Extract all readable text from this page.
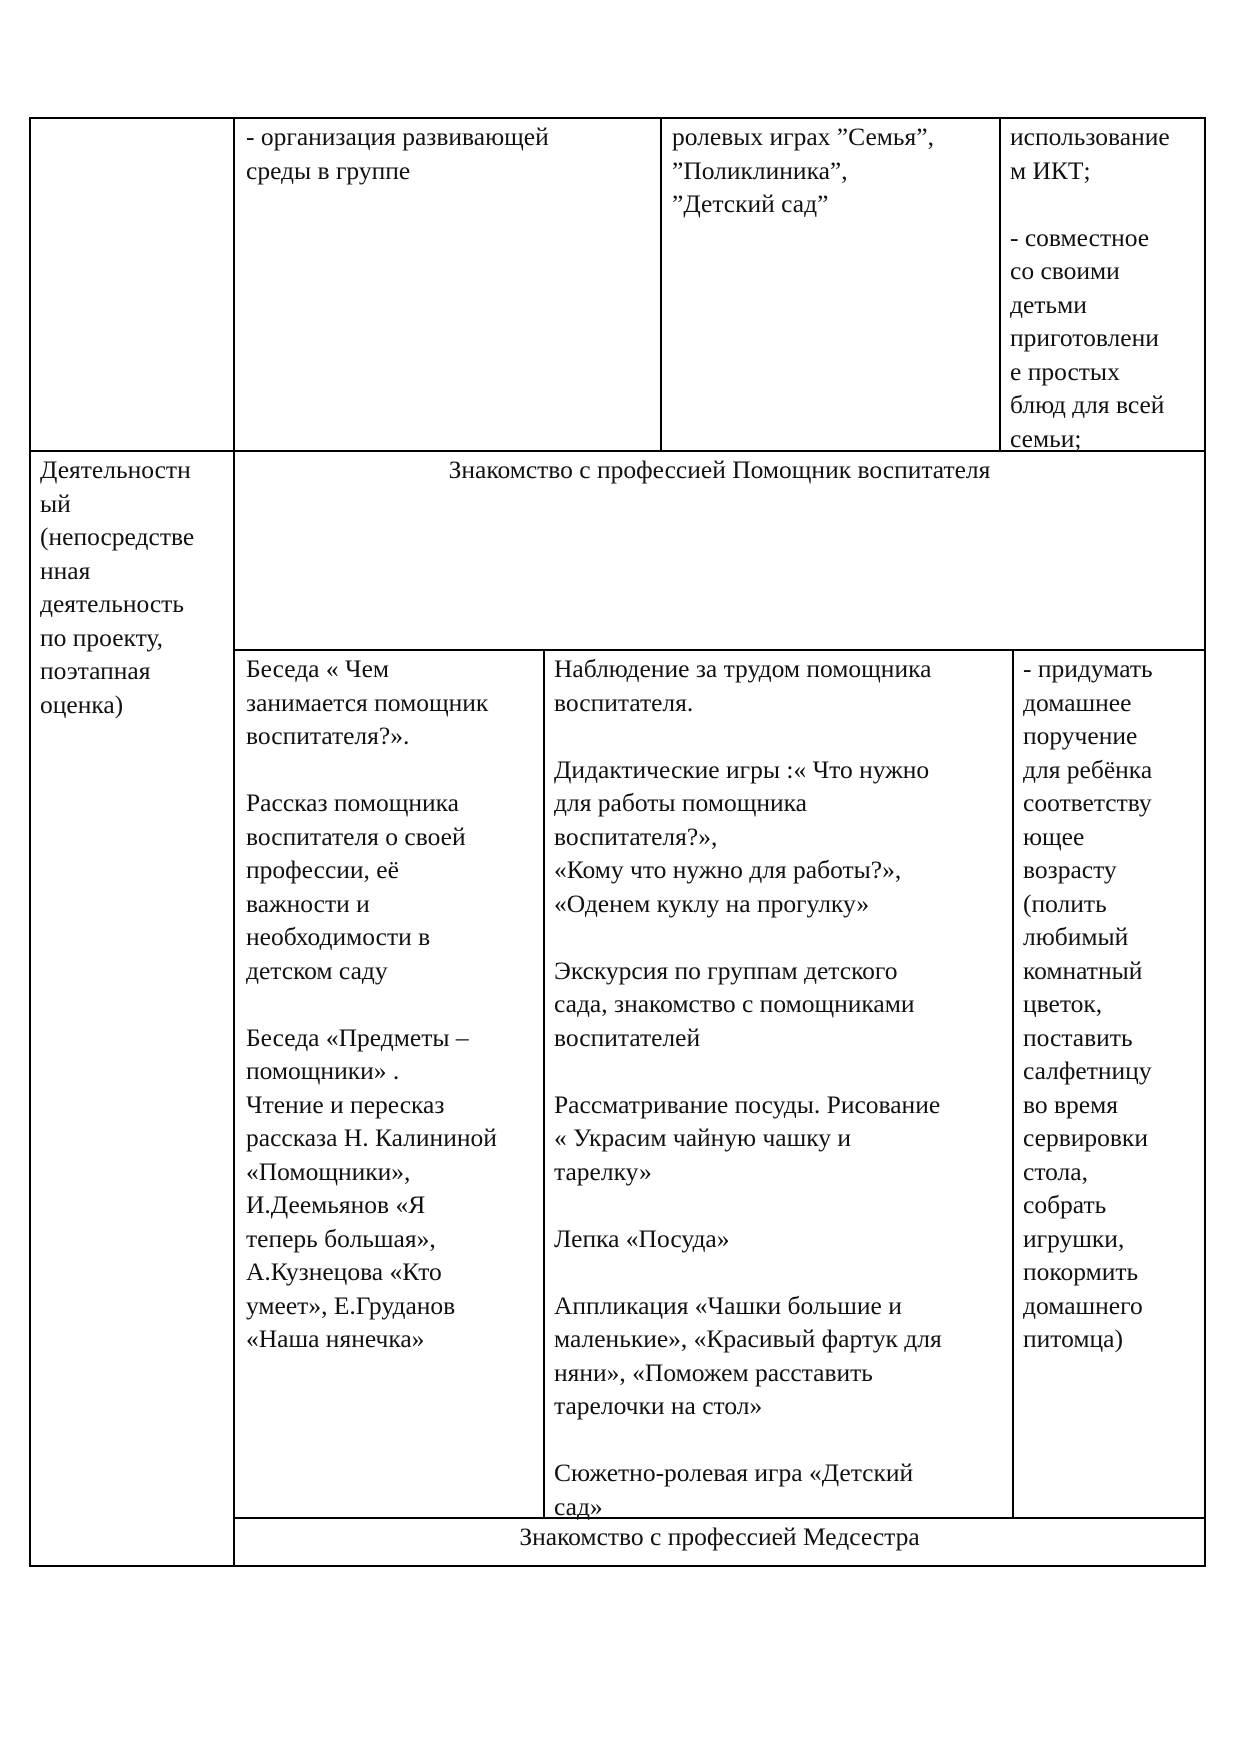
- организация развивающей
среды в группе

ролевых играх ”Семья”,
”Поликлиника”,
”Детский сад”

использование
м ИКТ;

- совместное
со своими
детьми
приготовлени
е простых
блюд для всей
семьи;

Деятельностн
ый
(непосредстве
нная
деятельность
по проекту,
поэтапная
оценка)

Знакомство с профессией Помощник воспитателя

Беседа « Чем
занимается помощник
воспитателя?».

Рассказ помощника
воспитателя о своей
профессии, её
важности и
необходимости в
детском саду

Беседа «Предметы –
помощники» .
Чтение и пересказ
рассказа Н. Калининой
«Помощники»,
И.Деемьянов «Я
теперь большая»,
А.Кузнецова «Кто
умеет», Е.Груданов
«Наша нянечка»

Наблюдение за трудом помощника
воспитателя.

Дидактические игры :« Что нужно
для работы помощника
воспитателя?»,
«Кому что нужно для работы?»,
«Оденем куклу на прогулку»

Экскурсия по группам детского
сада, знакомство с помощниками
воспитателей

Рассматривание посуды. Рисование
« Украсим чайную чашку и
тарелку»

Лепка «Посуда»

Аппликация «Чашки большие и
маленькие», «Красивый фартук для
няни», «Поможем расставить
тарелочки на стол»

Сюжетно-ролевая игра «Детский
сад»

- придумать
домашнее
поручение
для ребёнка
соответству
ющее
возрасту
(полить
любимый
комнатный
цветок,
поставить
салфетницу
во время
сервировки
стола,
собрать
игрушки,
покормить
домашнего
питомца)

Знакомство с профессией Медсестра
